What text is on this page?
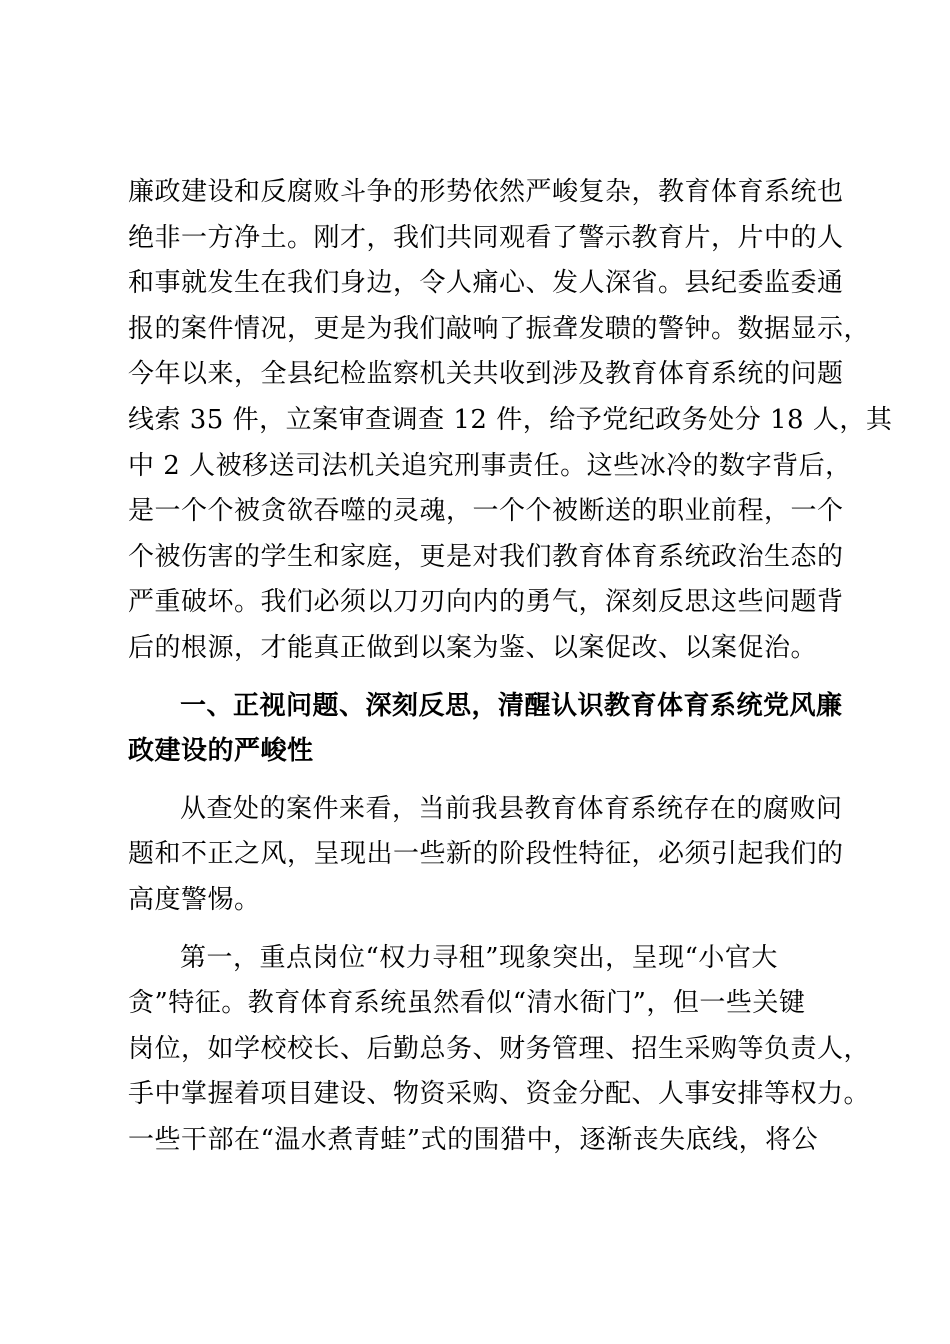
廉政建设和反腐败斗争的形势依然严峻复杂，教育体育系统也
绝非一方净土。刚才，我们共同观看了警示教育片，片中的人
和事就发生在我们身边，令人痛心、发人深省。县纪委监委通
报的案件情况，更是为我们敲响了振聋发聩的警钟。数据显示，
今年以来，全县纪检监察机关共收到涉及教育体育系统的问题
线索 35 件，立案审查调查 12 件，给予党纪政务处分 18 人，其
中 2 人被移送司法机关追究刑事责任。这些冰冷的数字背后，
是一个个被贪欲吞噬的灵魂，一个个被断送的职业前程，一个
个被伤害的学生和家庭，更是对我们教育体育系统政治生态的
严重破坏。我们必须以刀刃向内的勇气，深刻反思这些问题背
后的根源，才能真正做到以案为鉴、以案促改、以案促治。
一、正视问题、深刻反思，清醒认识教育体育系统党风廉
政建设的严峻性
从查处的案件来看，当前我县教育体育系统存在的腐败问
题和不正之风，呈现出一些新的阶段性特征，必须引起我们的
高度警惕。
第一，重点岗位“权力寻租”现象突出，呈现“小官大
贪”特征。教育体育系统虽然看似“清水衙门”，但一些关键
岗位，如学校校长、后勤总务、财务管理、招生采购等负责人，
手中掌握着项目建设、物资采购、资金分配、人事安排等权力。
一些干部在“温水煮青蛙”式的围猎中，逐渐丧失底线，将公
